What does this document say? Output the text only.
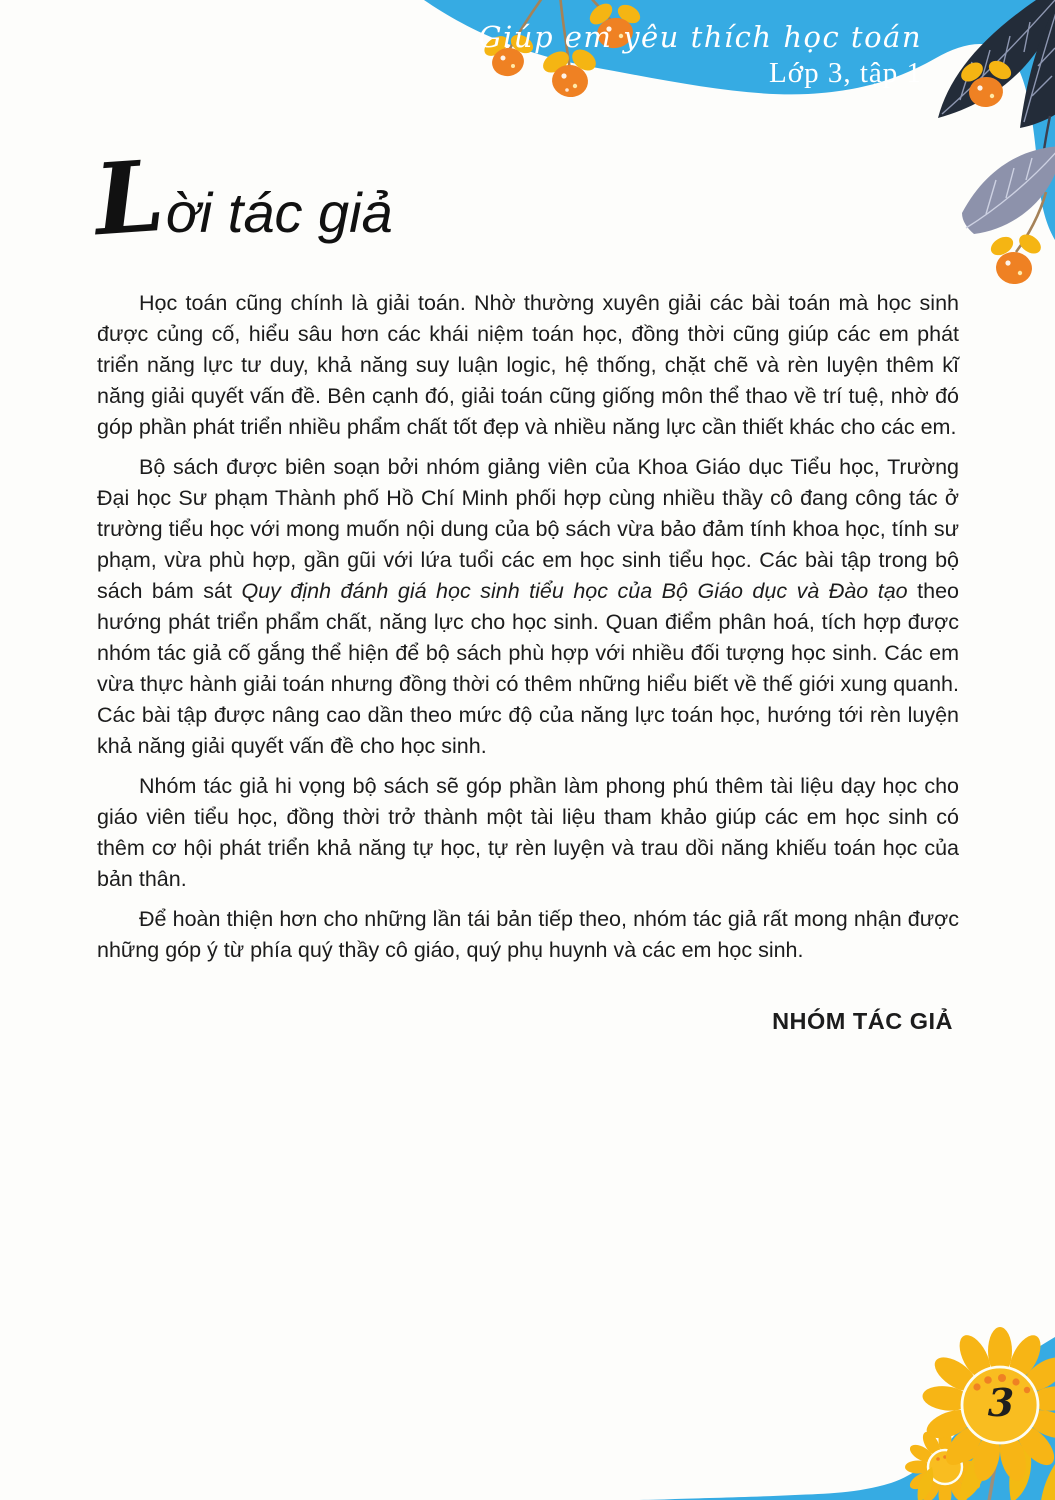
Giúp em yêu thích học toán
Lớp 3, tập 1
L
ời tác giả

Học toán cũng chính là giải toán. Nhờ thường xuyên giải các bài toán mà học sinh được củng cố, hiểu sâu hơn các khái niệm toán học, đồng thời cũng giúp các em phát triển năng lực tư duy, khả năng suy luận logic, hệ thống, chặt chẽ và rèn luyện thêm kĩ năng giải quyết vấn đề. Bên cạnh đó, giải toán cũng giống môn thể thao về trí tuệ, nhờ đó góp phần phát triển nhiều phẩm chất tốt đẹp và nhiều năng lực cần thiết khác cho các em.

Bộ sách được biên soạn bởi nhóm giảng viên của Khoa Giáo dục Tiểu học, Trường Đại học Sư phạm Thành phố Hồ Chí Minh phối hợp cùng nhiều thầy cô đang công tác ở trường tiểu học với mong muốn nội dung của bộ sách vừa bảo đảm tính khoa học, tính sư phạm, vừa phù hợp, gần gũi với lứa tuổi các em học sinh tiểu học. Các bài tập trong bộ sách bám sát Quy định đánh giá học sinh tiểu học của Bộ Giáo dục và Đào tạo theo hướng phát triển phẩm chất, năng lực cho học sinh. Quan điểm phân hoá, tích hợp được nhóm tác giả cố gắng thể hiện để bộ sách phù hợp với nhiều đối tượng học sinh. Các em vừa thực hành giải toán nhưng đồng thời có thêm những hiểu biết về thế giới xung quanh. Các bài tập được nâng cao dần theo mức độ của năng lực toán học, hướng tới rèn luyện khả năng giải quyết vấn đề cho học sinh.

Nhóm tác giả hi vọng bộ sách sẽ góp phần làm phong phú thêm tài liệu dạy học cho giáo viên tiểu học, đồng thời trở thành một tài liệu tham khảo giúp các em học sinh có thêm cơ hội phát triển khả năng tự học, tự rèn luyện và trau dồi năng khiếu toán học của bản thân.

Để hoàn thiện hơn cho những lần tái bản tiếp theo, nhóm tác giả rất mong nhận được những góp ý từ phía quý thầy cô giáo, quý phụ huynh và các em học sinh.

NHÓM TÁC GIẢ
3
